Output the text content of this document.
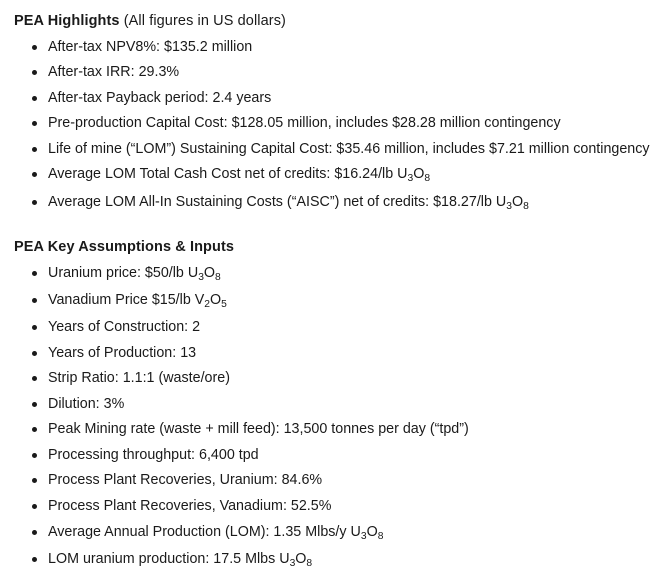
PEA Highlights (All figures in US dollars)
After-tax NPV8%: $135.2 million
After-tax IRR: 29.3%
After-tax Payback period: 2.4 years
Pre-production Capital Cost: $128.05 million, includes $28.28 million contingency
Life of mine (“LOM”) Sustaining Capital Cost: $35.46 million, includes $7.21 million contingency
Average LOM Total Cash Cost net of credits: $16.24/lb $U_3O_8$
Average LOM All-In Sustaining Costs (“AISC”) net of credits: $18.27/lb $U_3O_8$
PEA Key Assumptions & Inputs
Uranium price: $50/lb $U_3O_8$
Vanadium Price $15/lb $V_2O_5$
Years of Construction: 2
Years of Production: 13
Strip Ratio: 1.1:1 (waste/ore)
Dilution: 3%
Peak Mining rate (waste + mill feed): 13,500 tonnes per day (“tpd”)
Processing throughput: 6,400 tpd
Process Plant Recoveries, Uranium: 84.6%
Process Plant Recoveries, Vanadium: 52.5%
Average Annual Production (LOM): 1.35 Mlbs/y $U_3O_8$
LOM uranium production: 17.5 Mlbs $U_3O_8$
